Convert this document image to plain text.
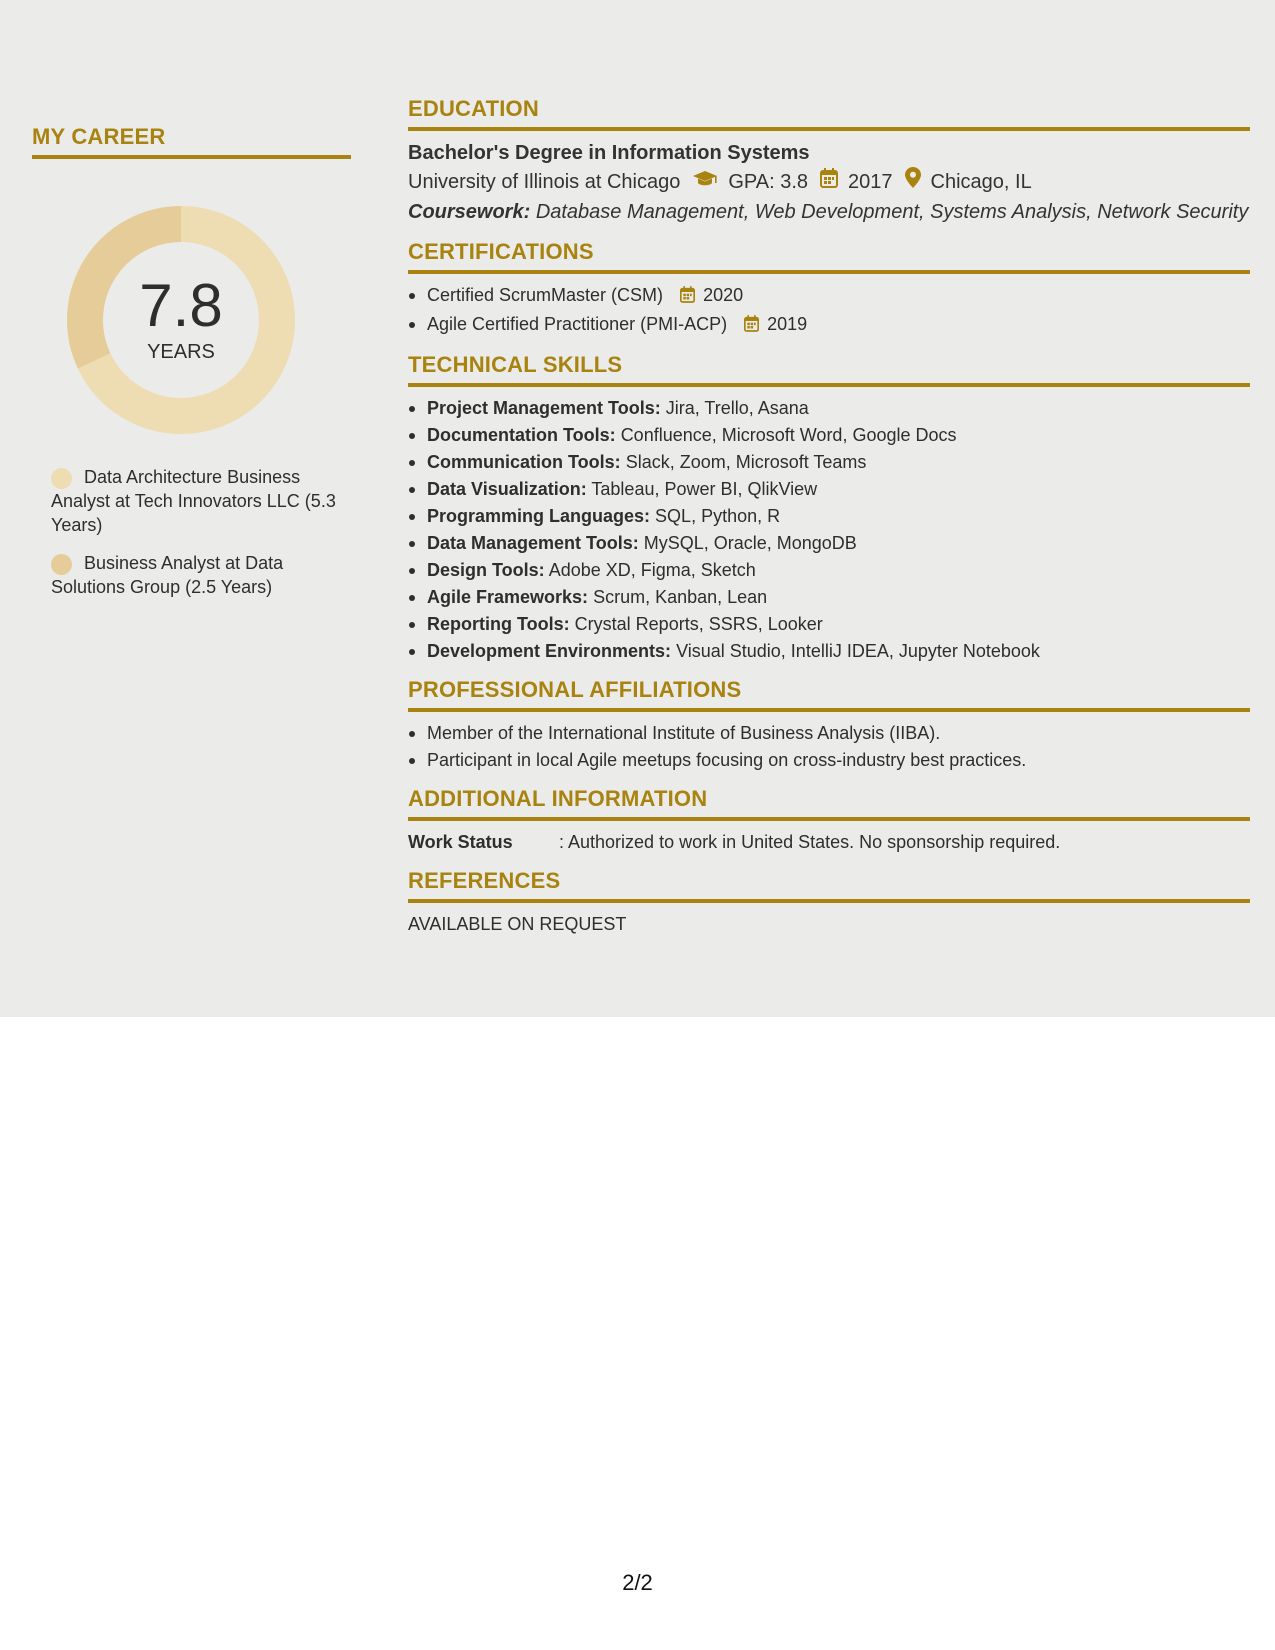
MY CAREER
7.8
YEARS
Data Architecture Business Analyst at Tech Innovators LLC (5.3 Years)
Business Analyst at Data Solutions Group (2.5 Years)
EDUCATION
Bachelor's Degree in Information Systems
University of Illinois at Chicago GPA: 3.8 2017 Chicago, IL
Coursework: Database Management, Web Development, Systems Analysis, Network Security
CERTIFICATIONS
Certified ScrumMaster (CSM) 2020
Agile Certified Practitioner (PMI-ACP) 2019
TECHNICAL SKILLS
Project Management Tools: Jira, Trello, Asana
Documentation Tools: Confluence, Microsoft Word, Google Docs
Communication Tools: Slack, Zoom, Microsoft Teams
Data Visualization: Tableau, Power BI, QlikView
Programming Languages: SQL, Python, R
Data Management Tools: MySQL, Oracle, MongoDB
Design Tools: Adobe XD, Figma, Sketch
Agile Frameworks: Scrum, Kanban, Lean
Reporting Tools: Crystal Reports, SSRS, Looker
Development Environments: Visual Studio, IntelliJ IDEA, Jupyter Notebook
PROFESSIONAL AFFILIATIONS
Member of the International Institute of Business Analysis (IIBA).
Participant in local Agile meetups focusing on cross-industry best practices.
ADDITIONAL INFORMATION
Work Status	: Authorized to work in United States. No sponsorship required.
REFERENCES
AVAILABLE ON REQUEST
2/2
